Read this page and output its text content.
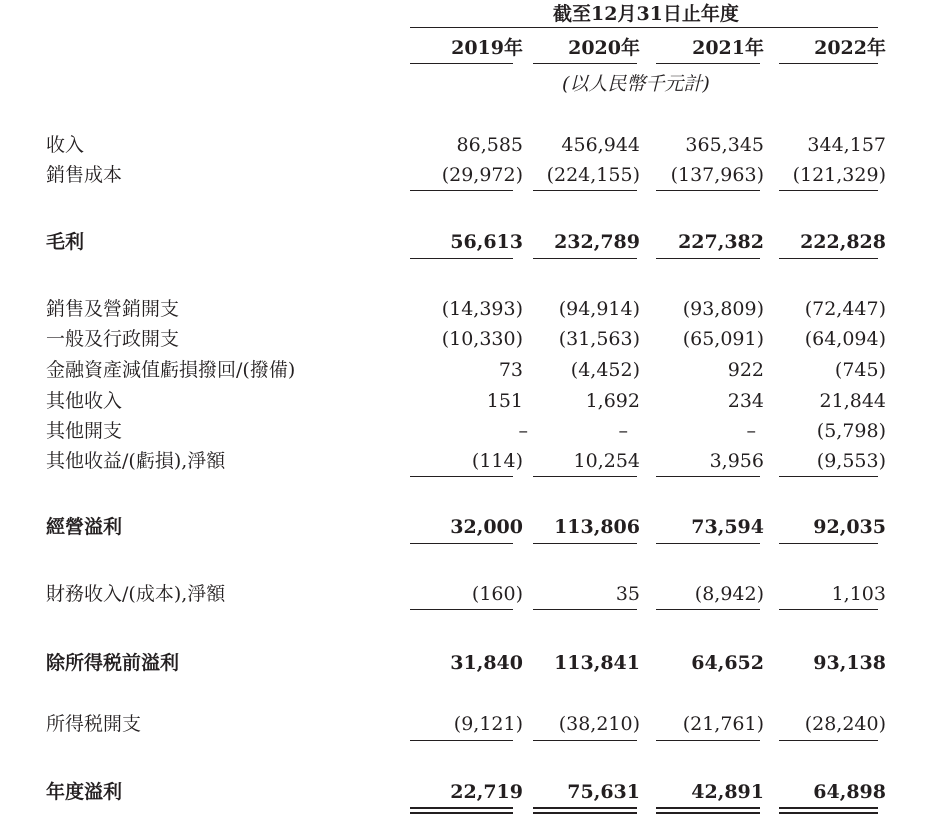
截至12月31日止年度
2019年 2020年	2021年	2022年
(以人民幣千元計)
收入	86,585 456,944 365,345 344,157
銷售成本	(29,972) (224,155) (137,963) (121,329)
毛利	56,613 232,789 227,382 222,828
銷售及營銷開支	(14,393) (94,914) (93,809) (72,447)
一般及行政開支	(10,330) (31,563) (65,091) (64,094)
金融資產減值虧損撥回/(撥備)	73	(4,452)	922	(745)
其他收入	151	1,692	234	21,844
其他開支	–	–	–	(5,798)
其他收益/(虧損),淨額	(114)	10,254	3,956	(9,553)
經營溢利	32,000 113,806	73,594	92,035
財務收入/(成本),淨額	(160)	35	(8,942)	1,103
除所得税前溢利	31,840 113,841	64,652	93,138
所得税開支	(9,121) (38,210) (21,761) (28,240)
年度溢利	22,719 75,631	42,891	64,898
